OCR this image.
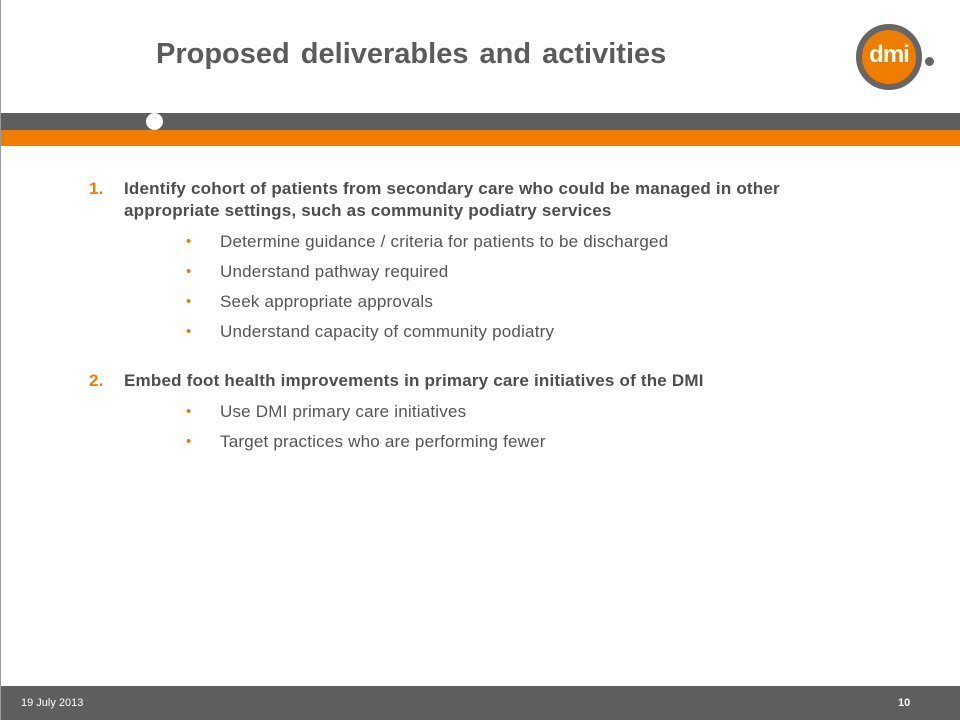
Proposed deliverables and activities	dmi
1. Identify cohort of patients from secondary care who could be managed in other appropriate settings, such as community podiatry services
• Determine guidance / criteria for patients to be discharged
• Understand pathway required
• Seek appropriate approvals
• Understand capacity of community podiatry
2. Embed foot health improvements in primary care initiatives of the DMI
• Use DMI primary care initiatives
• Target practices who are performing fewer
19 July 2013	10
